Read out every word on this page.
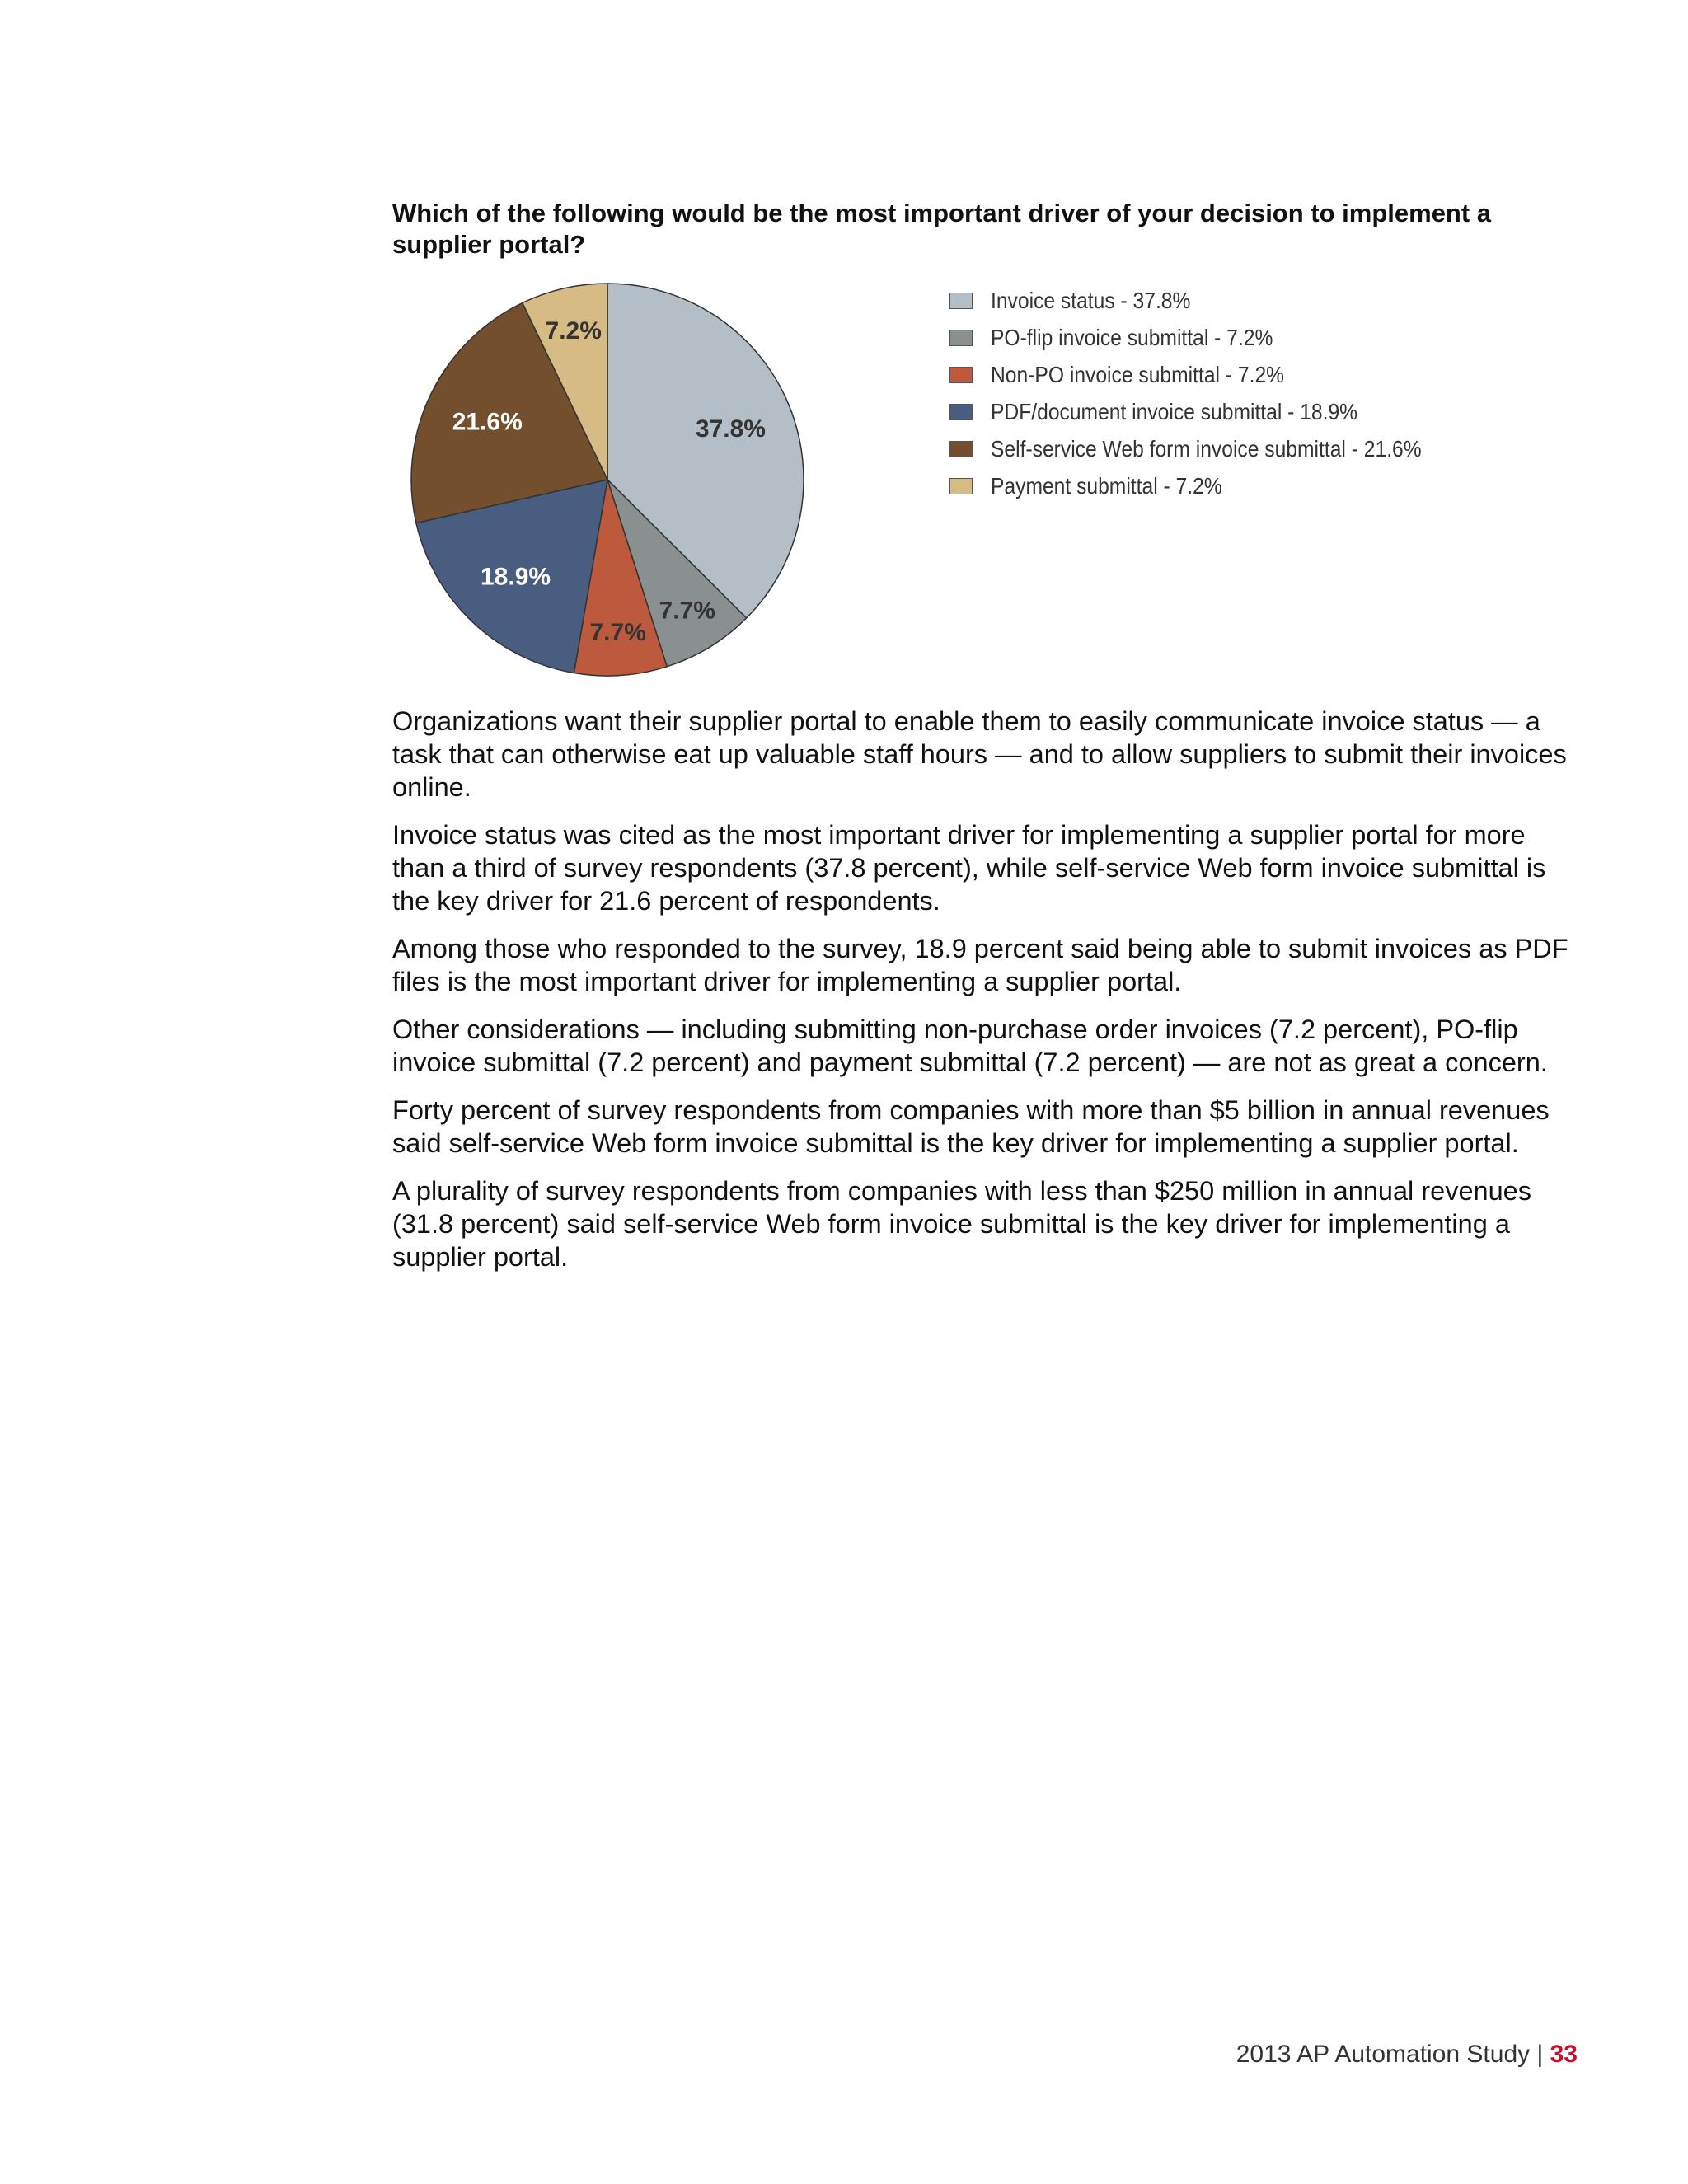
Which of the following would be the most important driver of your decision to implement a supplier portal?
37.8%
7.7%
7.7%
18.9%
21.6%
7.2%
Invoice status - 37.8%
PO-flip invoice submittal - 7.2%
Non-PO invoice submittal - 7.2%
PDF/document invoice submittal - 18.9%
Self-service Web form invoice submittal - 21.6%
Payment submittal - 7.2%

Organizations want their supplier portal to enable them to easily communicate invoice status — a task that can otherwise eat up valuable staff hours — and to allow suppliers to submit their invoices online.

Invoice status was cited as the most important driver for implementing a supplier portal for more than a third of survey respondents (37.8 percent), while self-service Web form invoice submittal is the key driver for 21.6 percent of respondents.

Among those who responded to the survey, 18.9 percent said being able to submit invoices as PDF files is the most important driver for implementing a supplier portal.

Other considerations — including submitting non-purchase order invoices (7.2 percent), PO-flip invoice submittal (7.2 percent) and payment submittal (7.2 percent) — are not as great a concern.

Forty percent of survey respondents from companies with more than $5 billion in annual revenues said self-service Web form invoice submittal is the key driver for implementing a supplier portal.

A plurality of survey respondents from companies with less than $250 million in annual revenues (31.8 percent) said self-service Web form invoice submittal is the key driver for implementing a supplier portal.

2013 AP Automation Study | 33
